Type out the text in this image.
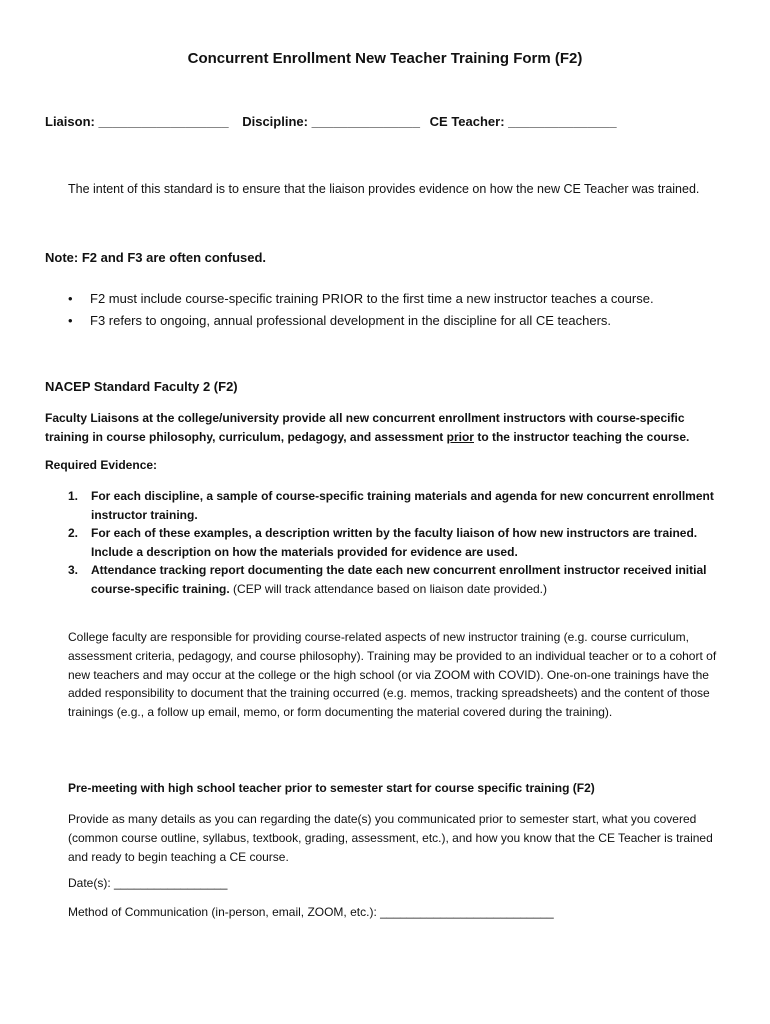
Concurrent Enrollment New Teacher Training Form (F2)
Liaison: __________________ Discipline: _______________ CE Teacher: _______________
The intent of this standard is to ensure that the liaison provides evidence on how the new CE Teacher was trained.
Note: F2 and F3 are often confused.
• F2 must include course-specific training PRIOR to the first time a new instructor teaches a course.
• F3 refers to ongoing, annual professional development in the discipline for all CE teachers.
NACEP Standard Faculty 2 (F2)
Faculty Liaisons at the college/university provide all new concurrent enrollment instructors with course-specific training in course philosophy, curriculum, pedagogy, and assessment prior to the instructor teaching the course.
Required Evidence:
1. For each discipline, a sample of course-specific training materials and agenda for new concurrent enrollment instructor training.
2. For each of these examples, a description written by the faculty liaison of how new instructors are trained. Include a description on how the materials provided for evidence are used.
3. Attendance tracking report documenting the date each new concurrent enrollment instructor received initial course-specific training. (CEP will track attendance based on liaison date provided.)
College faculty are responsible for providing course-related aspects of new instructor training (e.g. course curriculum, assessment criteria, pedagogy, and course philosophy). Training may be provided to an individual teacher or to a cohort of new teachers and may occur at the college or the high school (or via ZOOM with COVID). One-on-one trainings have the added responsibility to document that the training occurred (e.g. memos, tracking spreadsheets) and the content of those trainings (e.g., a follow up email, memo, or form documenting the material covered during the training).
Pre-meeting with high school teacher prior to semester start for course specific training (F2)
Provide as many details as you can regarding the date(s) you communicated prior to semester start, what you covered (common course outline, syllabus, textbook, grading, assessment, etc.), and how you know that the CE Teacher is trained and ready to begin teaching a CE course.
Date(s): _________________
Method of Communication (in-person, email, ZOOM, etc.): __________________________
